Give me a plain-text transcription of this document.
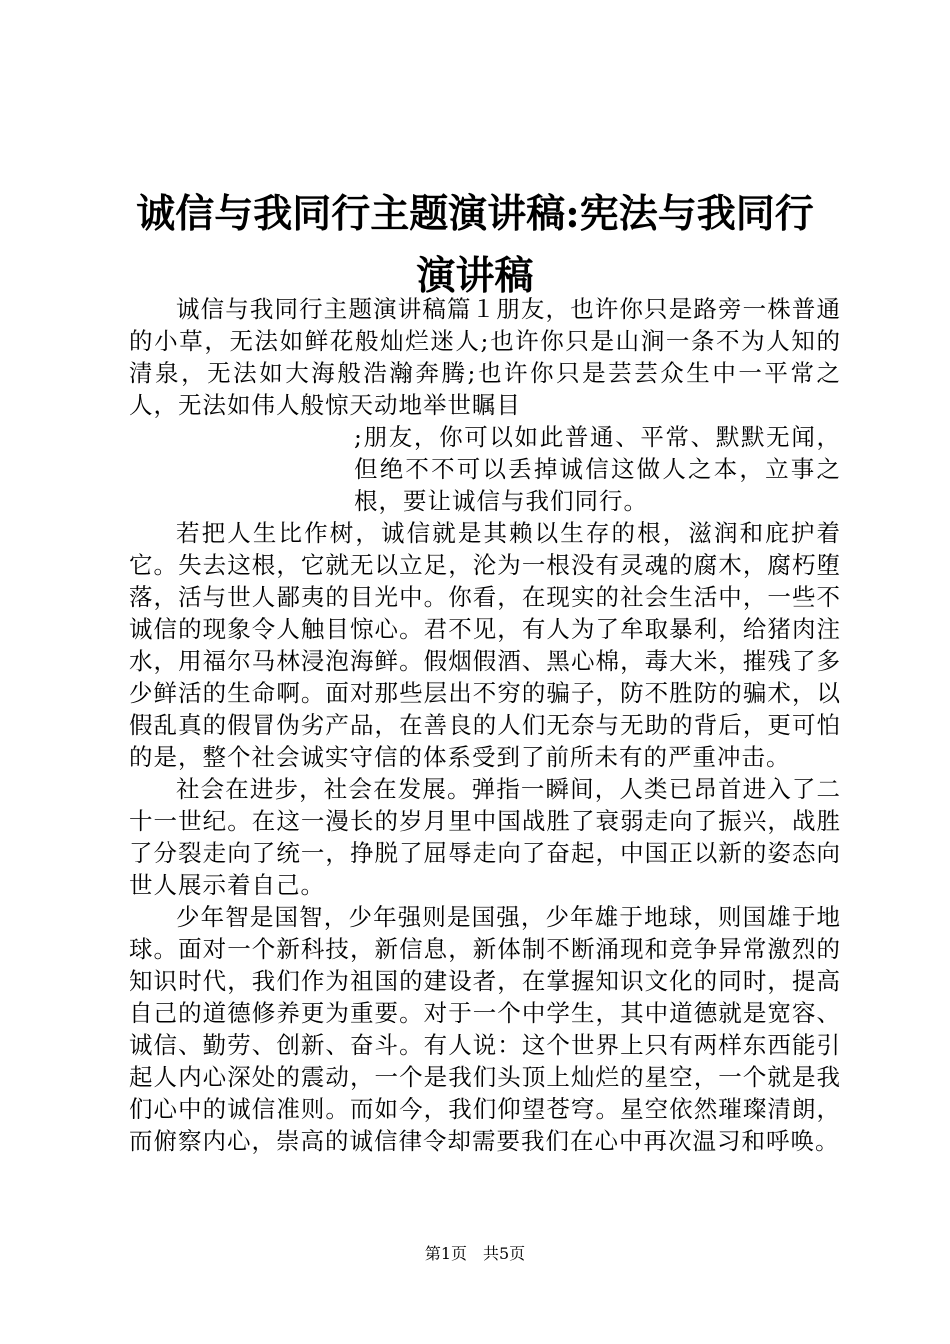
诚信与我同行主题演讲稿:宪法与我同行演讲稿

诚信与我同行主题演讲稿篇１朋友，也许你只是路旁一株普通的小草，无法如鲜花般灿烂迷人;也许你只是山涧一条不为人知的清泉，无法如大海般浩瀚奔腾;也许你只是芸芸众生中一平常之人，无法如伟人般惊天动地举世瞩目
;朋友，你可以如此普通、平常、默默无闻，但绝不不可以丢掉诚信这做人之本，立事之根，要让诚信与我们同行。

若把人生比作树，诚信就是其赖以生存的根，滋润和庇护着它。失去这根，它就无以立足，沦为一根没有灵魂的腐木，腐朽堕落，活与世人鄙夷的目光中。你看，在现实的社会生活中，一些不诚信的现象令人触目惊心。君不见，有人为了牟取暴利，给猪肉注水，用福尔马林浸泡海鲜。假烟假酒、黑心棉，毒大米，摧残了多少鲜活的生命啊。面对那些层出不穷的骗子，防不胜防的骗术，以假乱真的假冒伪劣产品，在善良的人们无奈与无助的背后，更可怕的是，整个社会诚实守信的体系受到了前所未有的严重冲击。

社会在进步，社会在发展。弹指一瞬间，人类已昂首进入了二十一世纪。在这一漫长的岁月里中国战胜了衰弱走向了振兴，战胜了分裂走向了统一，挣脱了屈辱走向了奋起，中国正以新的姿态向世人展示着自己。

少年智是国智，少年强则是国强，少年雄于地球，则国雄于地球。面对一个新科技，新信息，新体制不断涌现和竞争异常激烈的知识时代，我们作为祖国的建设者，在掌握知识文化的同时，提高自己的道德修养更为重要。对于一个中学生，其中道德就是宽容、诚信、勤劳、创新、奋斗。有人说：这个世界上只有两样东西能引起人内心深处的震动，一个是我们头顶上灿烂的星空，一个就是我们心中的诚信准则。而如今，我们仰望苍穹。星空依然璀璨清朗，而俯察内心，崇高的诚信律令却需要我们在心中再次温习和呼唤。

第1页　共5页
